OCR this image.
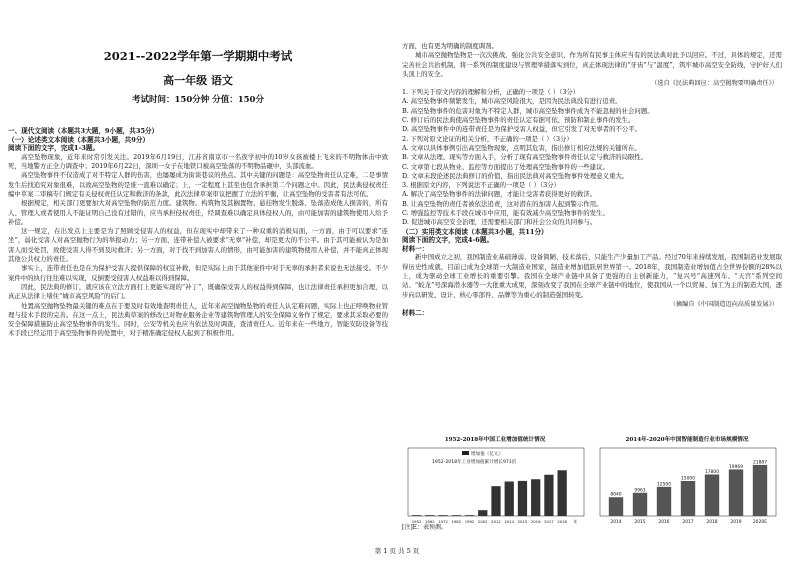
2021--2022学年第一学期期中考试
高一年级 语文
考试时间：150分钟 分值：150分
一、现代文阅读（本题共3大题，9小题，共35分）
（一）论述类文本阅读（本题共3小题，共9分）
阅读下面的文字，完成1-3题。
高空坠物现象，近年来时常引发关注。2019年6月19日，江苏省南京市一名夜学初中的10岁女孩被楼上飞来的不明物体击中致死，当地警方正全力调查中；2019年6月22日，深圳一女子在地铁口被高空坠落的不明物品砸中，头部流血。
高空坠物事件不仅造成了对不特定人群的伤害，也屡屡成为街谈巷议的热点。其中关键的问题是：高空坠物责任认定难，二是事情发生后找追究对象很难，以致高空坠物的是谁一直难以确定；上，一定程度上甚至也包含承担第二个问题之中。因此，民法典侵权责任编中草案二审稿专门规定有关侵权责任认定和救济的条款，此次法律草案审议把握了立法的平衡，让高空坠物的受害者有法可依。
根据规定，相关部门更要加大对高空坠物的防范力度。建筑物、构筑物及其搁置物、悬挂物发生脱落、坠落造成他人损害的，所有人、管理人或者使用人不能证明自己没有过错的，应当承担侵权责任，经调查难以确定具体侵权人的，由可能加害的建筑物使用人给予补偿。
这一规定，在出发点上主要是为了照顾受侵害人的权益，但在现实中却带来了一种双重的消极局面，一方面，由于可以要求“连坐”，弱化受害人对高空抛物行为的举报动力；另一方面，连带补偿人被要求“无辜”补偿，却是更大的不公平。由于其可能被认为是加害人而受处罚，致使受害人得不到及时救济；另一方面，对于找不到加害人的情形，由可能加害的建筑物使用人补偿，并不能真正体现其他公共权力的责任。
事实上，连带责任也是在为保护受害人提供保障的权宜补救，但是实际上由于其他案件中对于无辜的承担者来说也无法接受。不少案件中的执行往往难以实现，反倒要受侵害人权益难以得到保障。
因此，民法典的修订，就应该在立法方面打上更能实现的“补丁”，既确保受害人的权益得到保障，也让法律责任承担更加合理，以真正从法律上堵住“城市高空风险”的后门。
处置高空抛物坠物最关键的难点在于要及时有效地查明责任人，近年来高空抛物坠物的责任人认定难问题，实际上也正呼唤物业管理与技术手段的完善。在这一点上，民法典草案的修改已对物业服务企业等建筑物管理人的安全保障义务作了规定，要求其采取必要的安全保障措施防止高空坠物事件的发生。同时，公安等机关也应当依法及时调查，查清责任人。近年来在一些地方，智能安防设备等技术手段已经运用于高空坠物事件的处置中，对于精准确定侵权人起到了积极作用。
方面，也有更为明确的制度调剂。
城市高空抛物坠物是一次次挑战，强化公共安全意识，作为所有民事主体应当有的民法典对此予以回应。不过，具体的规定，还需完善社会共治机制，将一系列的制度建设与管理举措落实到位，真正体现法律的“牙齿”与“温度”，筑牢城市高空安全防线，守护好人们头顶上的安全。
（选自《民法典回应：高空抛物要明确责任》）
1. 下列关于原文内容的理解和分析，正确的一项是（ ）（3分）
A. 高空坠物事件频繁发生，城市高空风险很大，是因为民法典没有进行追责。
B. 高空坠物事件的危害对象为不特定人群，城市高空坠物事件成为不能忽视的社会问题。
C. 修订后的民法典使高空坠物事件的责任认定有据可依，预防和制止事件的发生。
D. 高空坠物事件中的连带责任是为保护受害人权益，但它引发了对无辜者的不公平。
2. 下列对原文论证的相关分析，不正确的一项是（ ）（3分）
A. 文章以具体事例引出高空坠物现象，点明其危害，指出修订相应法规的关键所在。
B. 文章从法理、现实等方面入手，分析了现有高空坠物事件责任认定与救济的局限性。
C. 文章第七段从物业、监控等方面提出了处理高空坠物事件的一些建议。
D. 文章末段论述民法典修订的价值，指出民法典对高空坠物事件处理意义重大。
3. 根据原文内容，下列说法不正确的一项是（ ）（3分）
A. 解决了高空坠物事件的法律问题，才能让受害者获得更好的救济。
B. 让高空坠物的责任者被依法追责，这对潜在的加害人起到警示作用。
C. 增强监控等技术手段在城市中应用，能有效减少高空坠物事件的发生。
D. 促进城市高空安全治理，还需要相关部门和社会公众的共同参与。
（二）实用类文本阅读（本题共3小题，共11分）
阅读下面的文字，完成4-6题。
材料一：
新中国成立之初，我国制造业基础薄弱、设备简陋、技术落后，只能生产少量加工产品。经过70年来持续发展，我国制造业发展取得历史性成就，目前已成为全球第一大制造业国家，制造业增加值跃居世界第一。2018年，我国制造业增加值占全世界份额的28%以上，成为驱动全球工业增长的重要引擎。我国在全球产业链中具备了更强的自主创新能力，“复兴号”高速列车、“天宫”系列空间站、“蛟龙”号深海潜水器等一大批重大成果，深刻改变了我国在全球产业链中的地位，使我国从一个以贸易、加工为主的制造大国，逐步向以研发、设计、核心零部件、品牌等为重心的制造强国转变。
（摘编自《中国制造迈向高质量发展》）
材料二：
1952-2018年中国工业增加值统计情况
增加值（亿元）
1952-2018年工业增加值累计增长971倍
1952 1962 1972 1982 1992 2002 2012 2014 2015 2016 2017 2018 年
2014年-2020年中国智能制造行业市场规模情况
8040
2014
9963
2015
12500
2016
15000
2017
17800
2018
19969
2019
21887
2020E
[注]E：表预测。
第 1 页 共 5 页
